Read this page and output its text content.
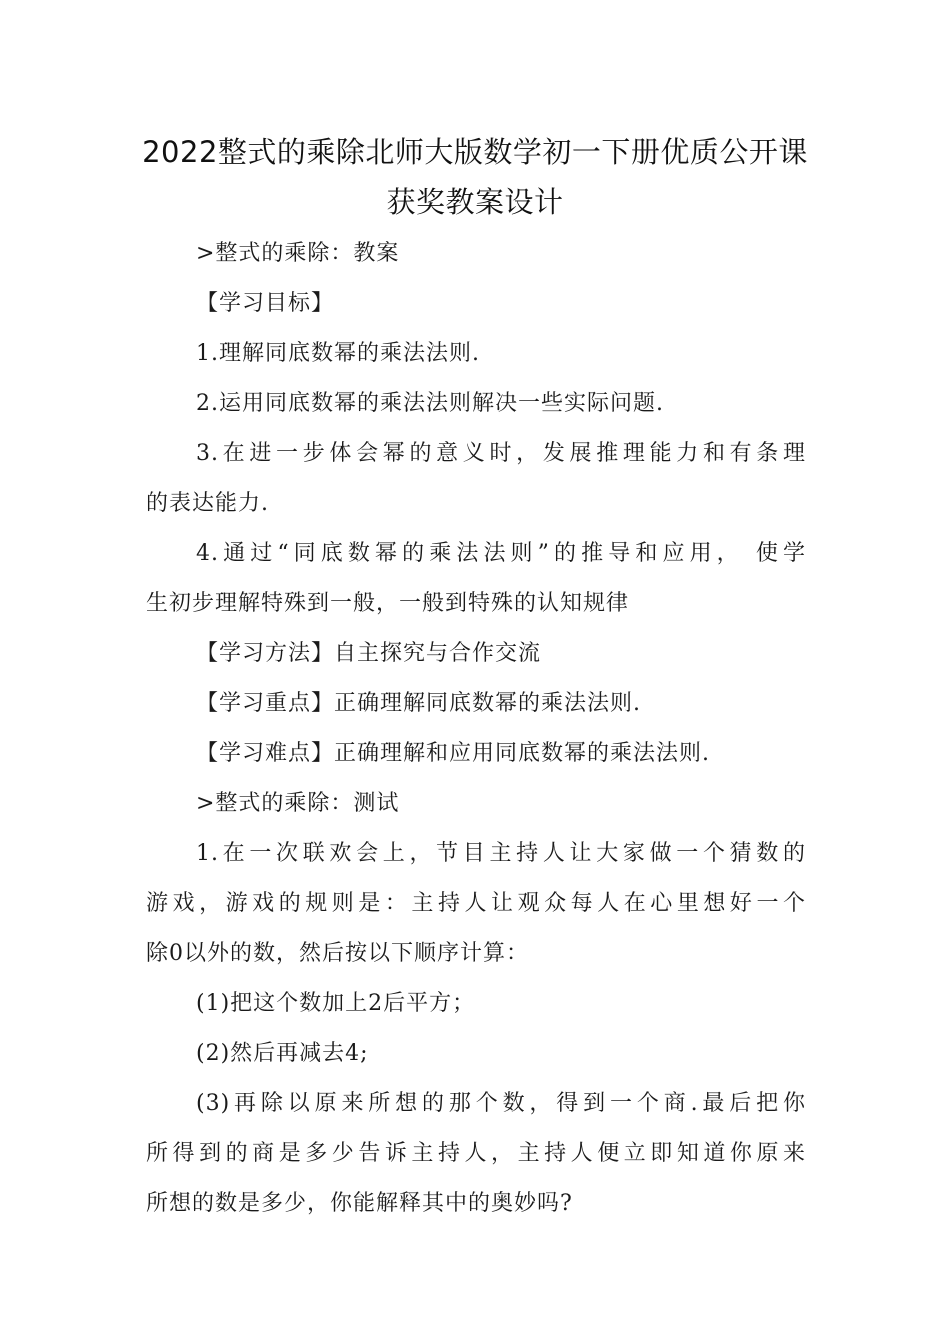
2022整式的乘除北师大版数学初一下册优质公开课
获奖教案设计
>整式的乘除：教案
【学习目标】
1.理解同底数幂的乘法法则.
2.运用同底数幂的乘法法则解决一些实际问题.
3.在进一步体会幂的意义时，发展推理能力和有条理
的表达能力.
4.通过“同底数幂的乘法法则”的推导和应用， 使学
生初步理解特殊到一般，一般到特殊的认知规律
【学习方法】自主探究与合作交流
【学习重点】正确理解同底数幂的乘法法则.
【学习难点】正确理解和应用同底数幂的乘法法则.
>整式的乘除：测试
1.在一次联欢会上，节目主持人让大家做一个猜数的
游戏，游戏的规则是：主持人让观众每人在心里想好一个
除0以外的数，然后按以下顺序计算：
(1)把这个数加上2后平方；
(2)然后再减去4;
(3)再除以原来所想的那个数，得到一个商.最后把你
所得到的商是多少告诉主持人，主持人便立即知道你原来
所想的数是多少，你能解释其中的奥妙吗?
